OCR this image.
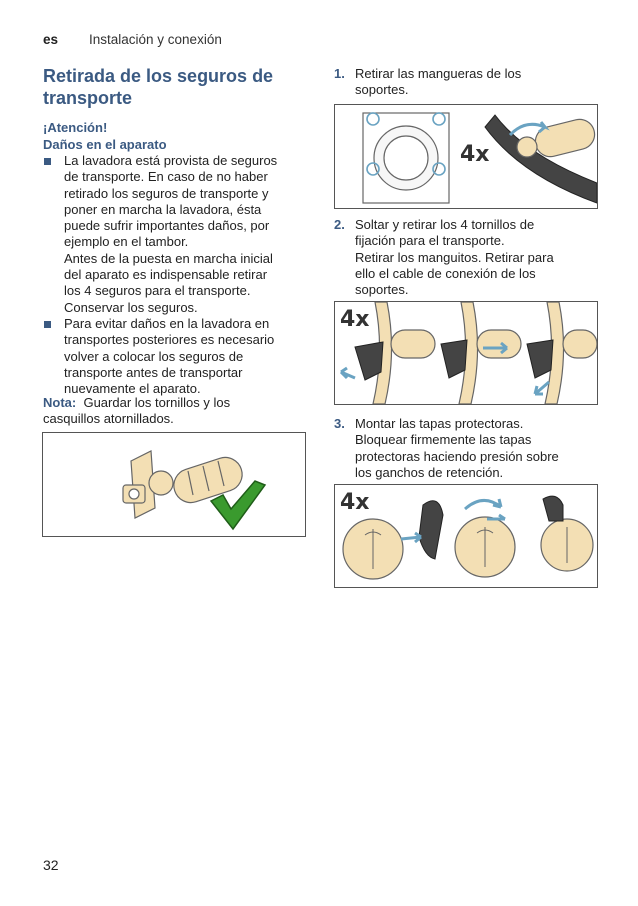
es Instalación y conexión
Retirada de los seguros de
transporte
¡Atención!
Daños en el aparato
La lavadora está provista de seguros
de transporte. En caso de no haber
retirado los seguros de transporte y
poner en marcha la lavadora, ésta
puede sufrir importantes daños, por
ejemplo en el tambor.
Antes de la puesta en marcha inicial
del aparato es indispensable retirar
los 4 seguros para el transporte.
Conservar los seguros.
Para evitar daños en la lavadora en
transportes posteriores es necesario
volver a colocar los seguros de
transporte antes de transportar
nuevamente el aparato.
Nota: Guardar los tornillos y los
casquillos atornillados.
1. Retirar las mangueras de los
soportes.
4x
2. Soltar y retirar los 4 tornillos de
fijación para el transporte.
Retirar los manguitos. Retirar para
ello el cable de conexión de los
soportes.
4x
3. Montar las tapas protectoras.
Bloquear firmemente las tapas
protectoras haciendo presión sobre
los ganchos de retención.
4x
32
